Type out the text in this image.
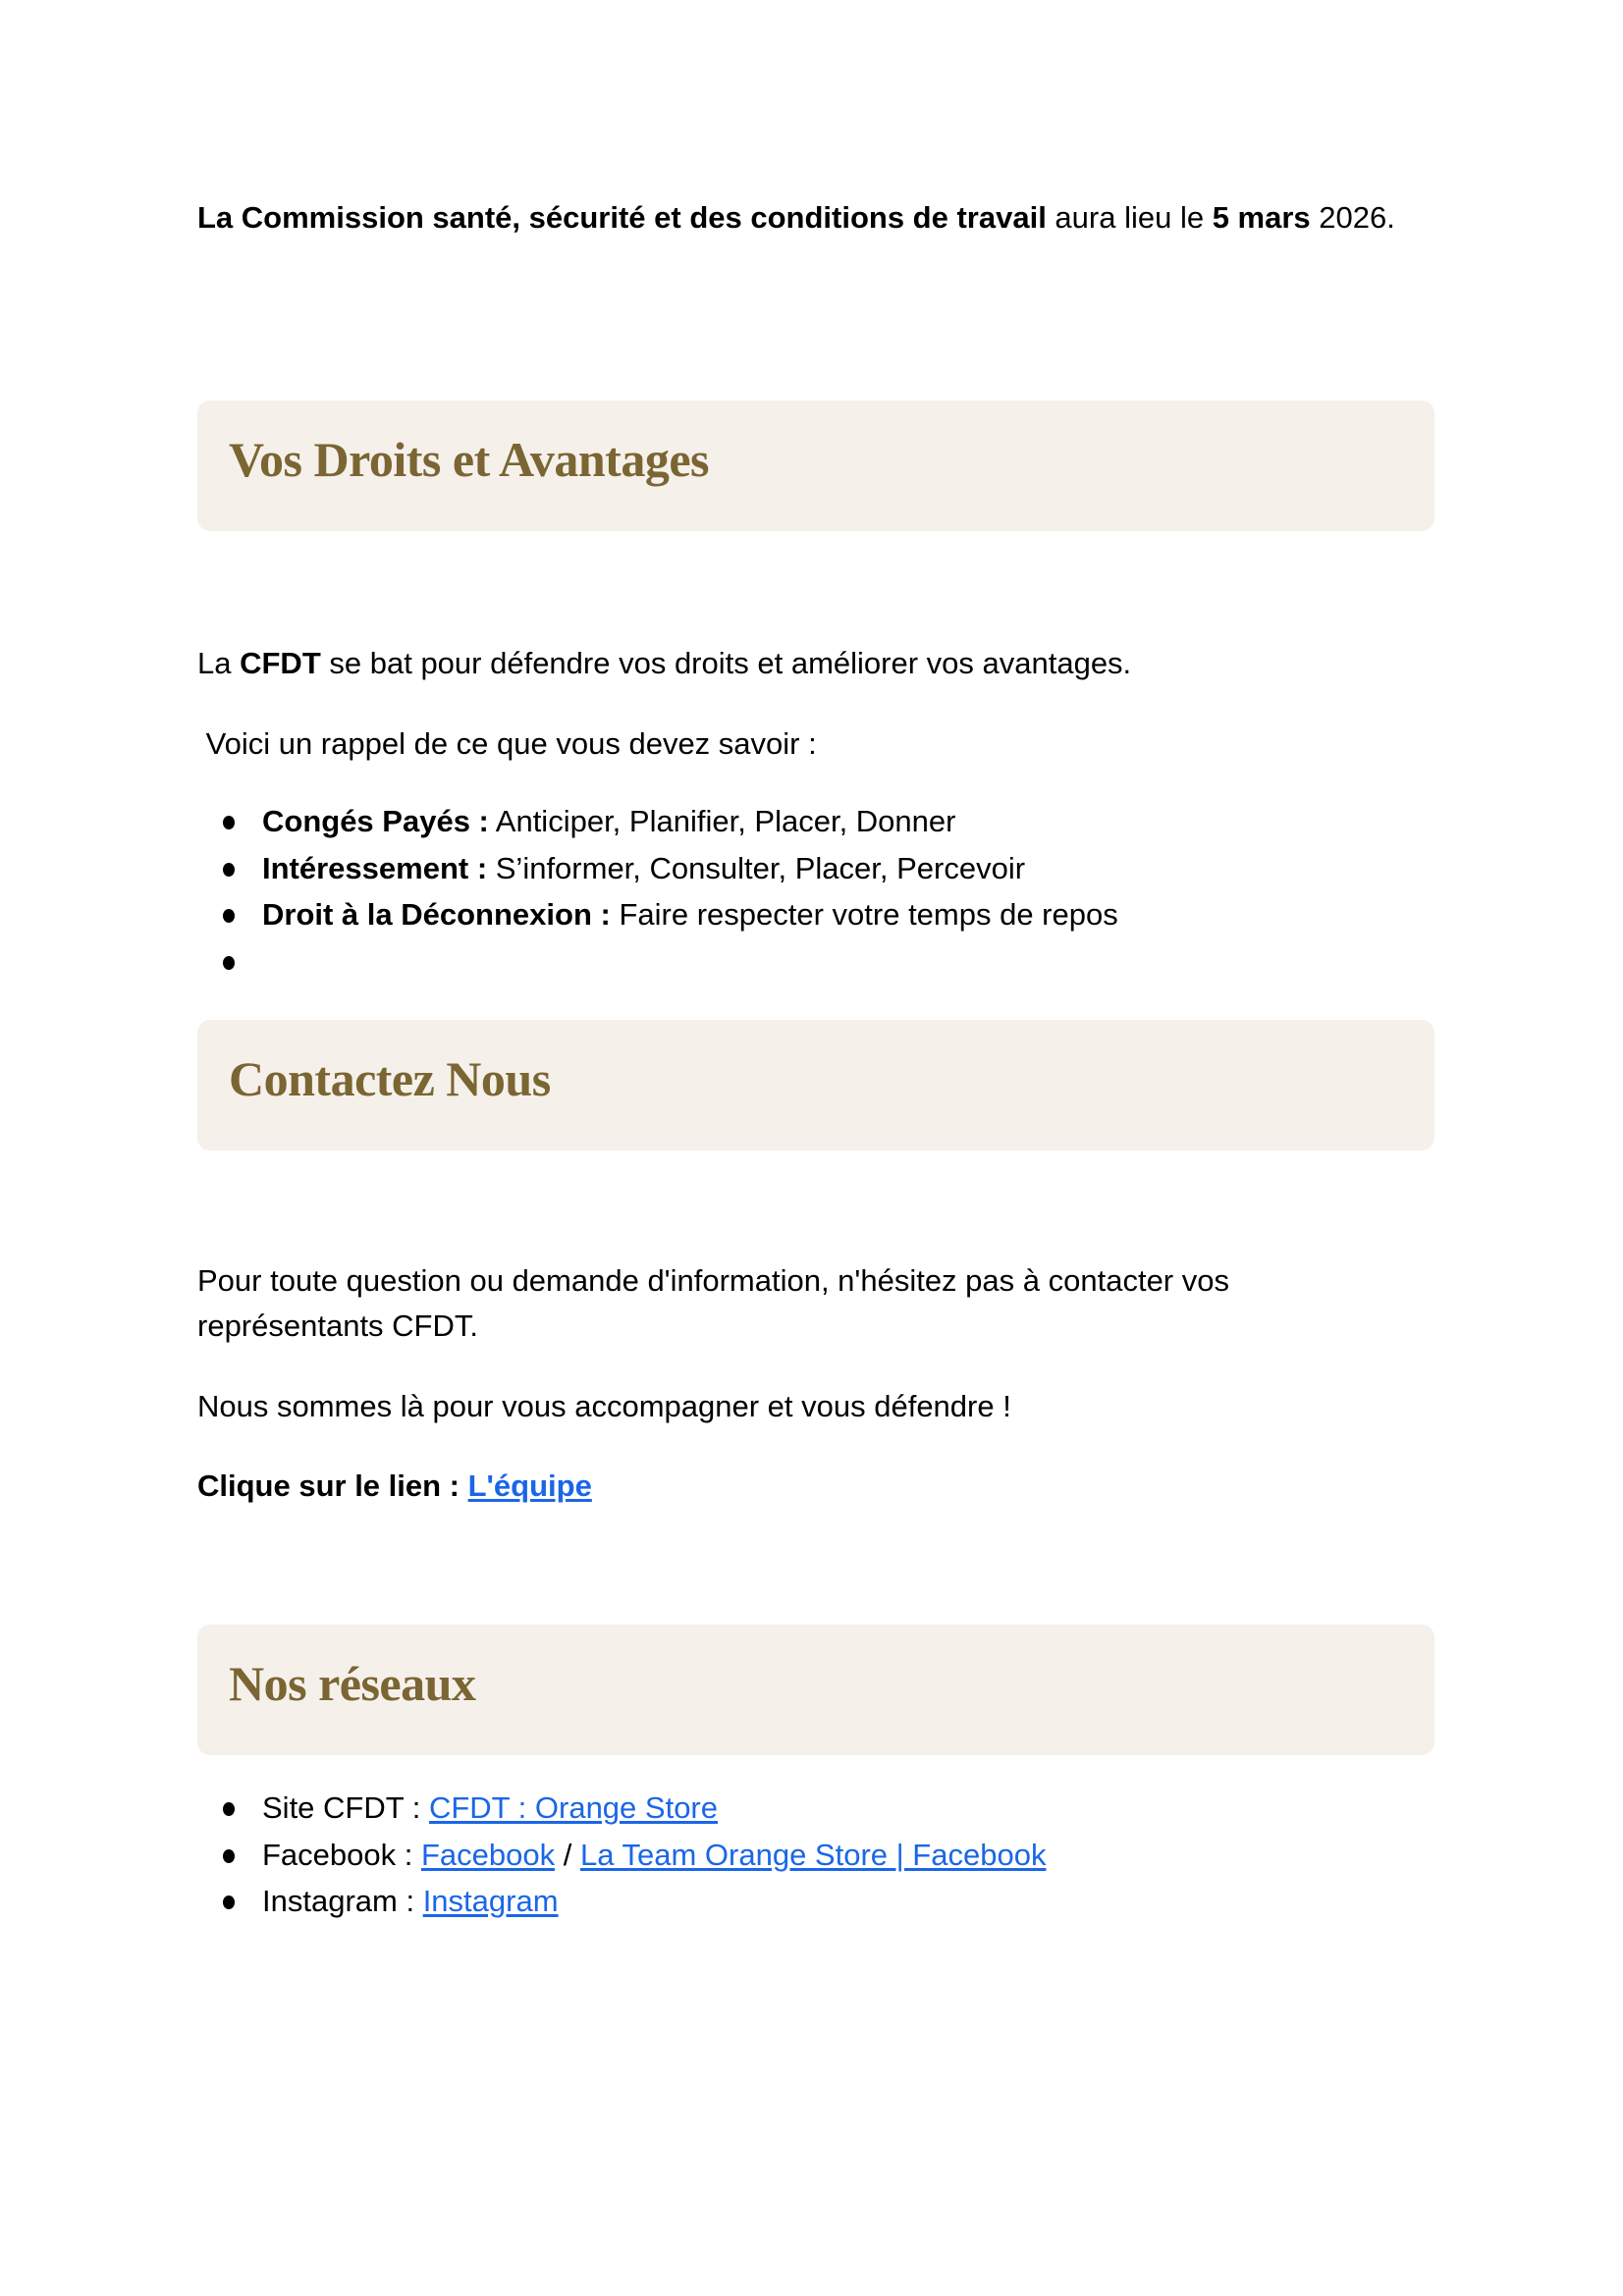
La Commission santé, sécurité et des conditions de travail aura lieu le 5 mars 2026.

Vos Droits et Avantages

La CFDT se bat pour défendre vos droits et améliorer vos avantages.

Voici un rappel de ce que vous devez savoir :

Congés Payés : Anticiper, Planifier, Placer, Donner
Intéressement : S’informer, Consulter, Placer, Percevoir
Droit à la Déconnexion : Faire respecter votre temps de repos
Contactez Nous

Pour toute question ou demande d'information, n'hésitez pas à contacter vos représentants CFDT.

Nous sommes là pour vous accompagner et vous défendre !

Clique sur le lien : L'équipe

Nos réseaux
Site CFDT : CFDT : Orange Store
Facebook : Facebook / La Team Orange Store | Facebook
Instagram : Instagram
